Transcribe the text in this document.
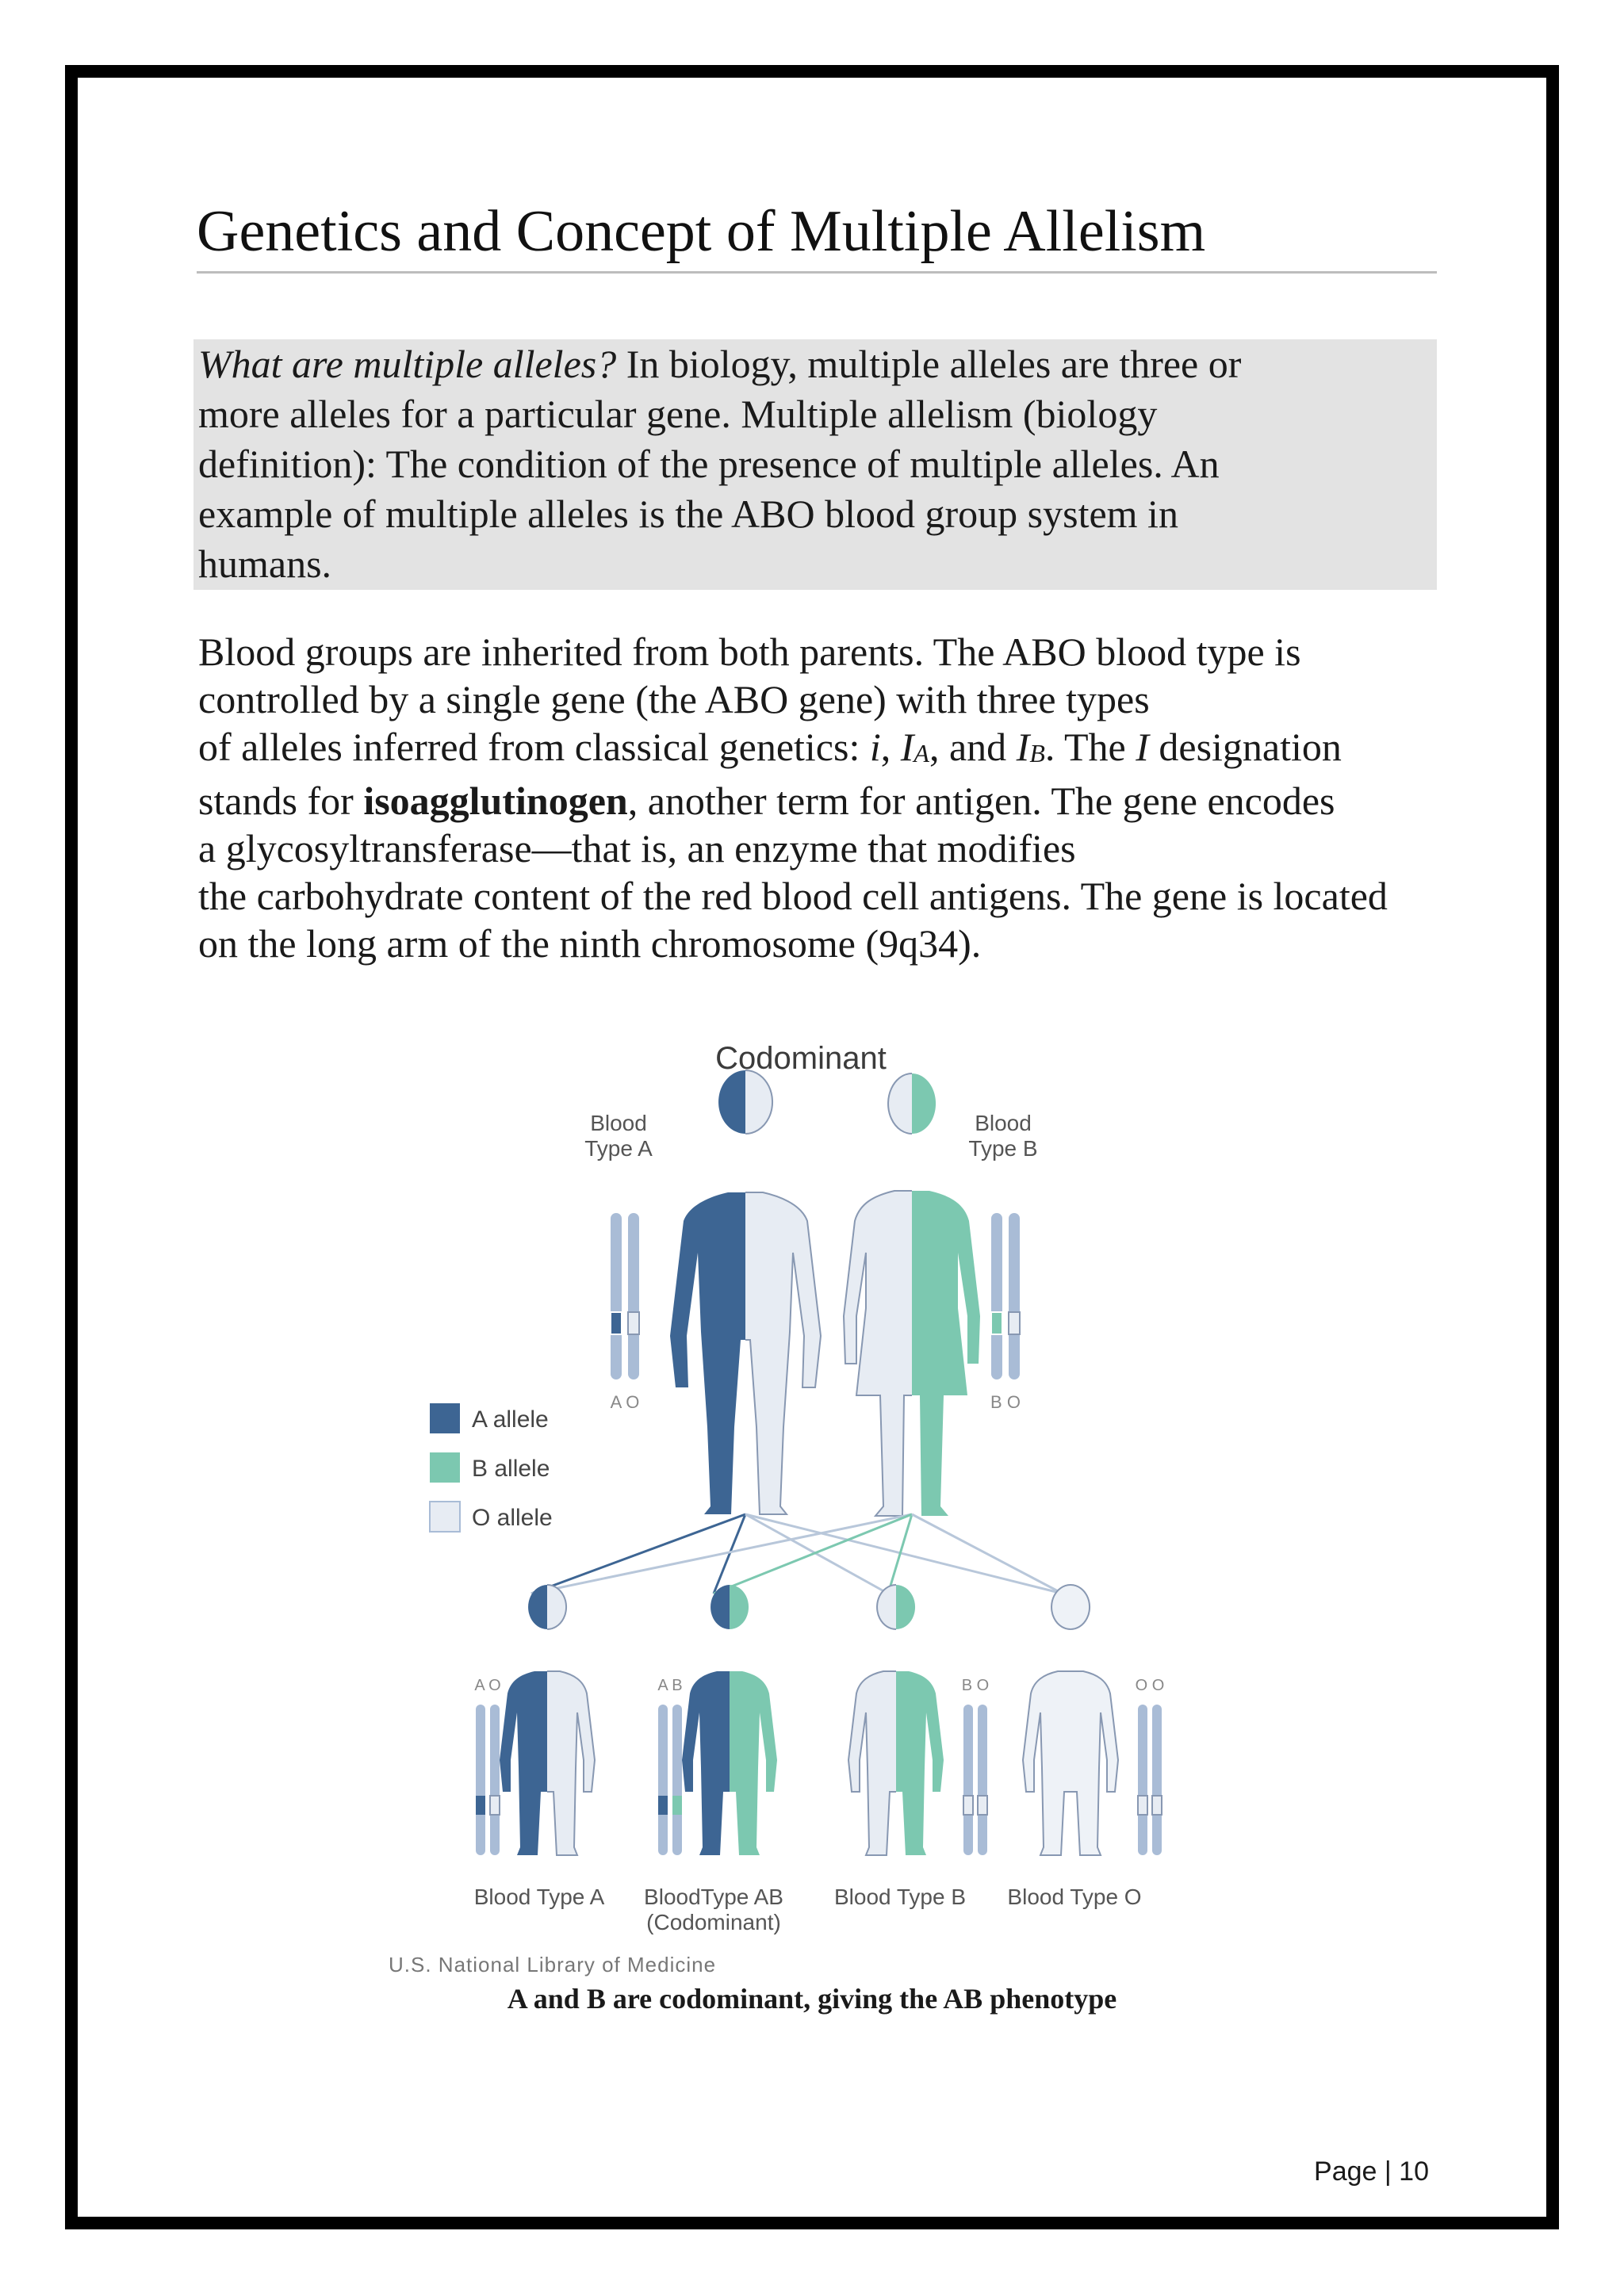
Genetics and Concept of Multiple Allelism
What are multiple alleles? In biology, multiple alleles are three or
more alleles for a particular gene. Multiple allelism (biology
definition): The condition of the presence of multiple alleles. An
example of multiple alleles is the ABO blood group system in
humans.

Blood groups are inherited from both parents. The ABO blood type is
controlled by a single gene (the ABO gene) with three types
of alleles inferred from classical genetics: i, $I_A$, and $I_B$. The I designation
stands for isoagglutinogen, another term for antigen. The gene encodes
a glycosyltransferase—that is, an enzyme that modifies
the carbohydrate content of the red blood cell antigens. The gene is located
on the long arm of the ninth chromosome (9q34).

Codominant
Blood
Type A
Blood
Type B
A O	B O
A allele
B allele
O allele
A O
Blood Type A
A B
BloodType AB
(Codominant)
B O
Blood Type B
O O
Blood Type O
U.S. National Library of Medicine
A and B are codominant, giving the AB phenotype
Page | 10
